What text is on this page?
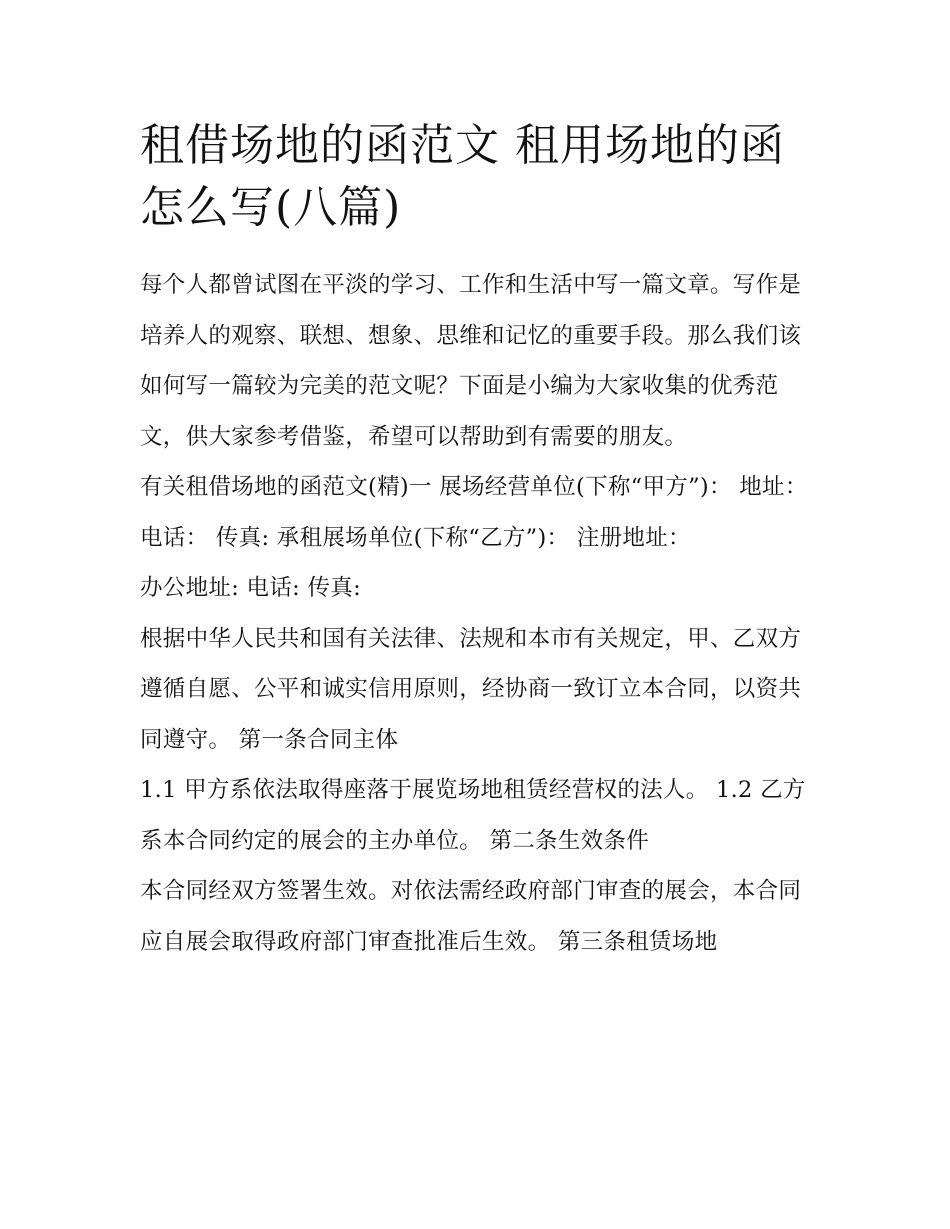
租借场地的函范文 租用场地的函怎么写(八篇)

每个人都曾试图在平淡的学习、工作和生活中写一篇文章。写作是培养人的观察、联想、想象、思维和记忆的重要手段。那么我们该如何写一篇较为完美的范文呢？下面是小编为大家收集的优秀范文，供大家参考借鉴，希望可以帮助到有需要的朋友。

有关租借场地的函范文(精)一 展场经营单位(下称“甲方”)： 地址： 电话： 传真: 承租展场单位(下称“乙方”)： 注册地址：

办公地址: 电话: 传真:

根据中华人民共和国有关法律、法规和本市有关规定，甲、乙双方遵循自愿、公平和诚实信用原则，经协商一致订立本合同，以资共同遵守。 第一条合同主体

1.1 甲方系依法取得座落于展览场地租赁经营权的法人。 1.2 乙方系本合同约定的展会的主办单位。 第二条生效条件

本合同经双方签署生效。对依法需经政府部门审查的展会，本合同应自展会取得政府部门审查批准后生效。 第三条租赁场地
